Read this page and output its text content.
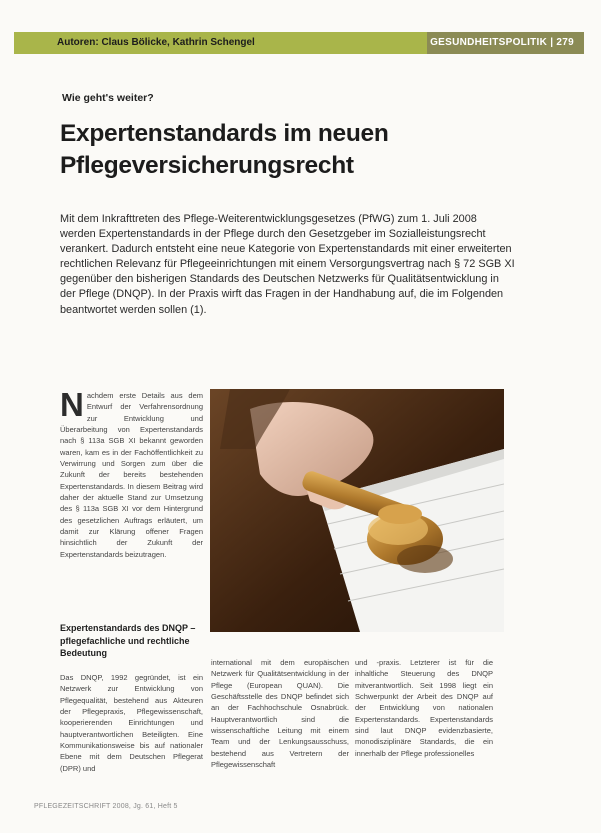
Autoren: Claus Bölicke, Kathrin Schengel	GESUNDHEITSPOLITIK | 279
Wie geht's weiter?
Expertenstandards im neuen Pflegeversicherungsrecht

Mit dem Inkrafttreten des Pflege-Weiterentwicklungsgesetzes (PfWG) zum 1. Juli 2008 werden Expertenstandards in der Pflege durch den Gesetzgeber im Sozialleistungsrecht verankert. Dadurch entsteht eine neue Kategorie von Expertenstandards mit einer erweiterten rechtlichen Relevanz für Pflegeeinrichtungen mit einem Versorgungsvertrag nach § 72 SGB XI gegenüber den bisherigen Standards des Deutschen Netzwerks für Qualitätsentwicklung in der Pflege (DNQP). In der Praxis wirft das Fragen in der Handhabung auf, die im Folgenden beantwortet werden sollen (1).

Nachdem erste Details aus dem Entwurf der Verfahrensordnung zur Entwicklung und Überarbeitung von Expertenstandards nach § 113a SGB XI bekannt geworden waren, kam es in der Fachöffentlichkeit zu Verwirrung und Sorgen zum über die Zukunft der bereits bestehenden Expertenstandards. In diesem Beitrag wird daher der aktuelle Stand zur Umsetzung des § 113a SGB XI vor dem Hintergrund des gesetzlichen Auftrags erläutert, um damit zur Klärung offener Fragen hinsichtlich der Zukunft der Expertenstandards beizutragen.

Expertenstandards des DNQP – pflegefachliche und rechtliche Bedeutung

Das DNQP, 1992 gegründet, ist ein Netzwerk zur Entwicklung von Pflegequalität, bestehend aus Akteuren der Pflegepraxis, Pflegewissenschaft, kooperierenden Einrichtungen und hauptverantwortlichen Beteiligten. Eine Kommunikationsweise bis auf nationaler Ebene mit dem Deutschen Pflegerat (DPR) und

international mit dem europäischen Netzwerk für Qualitätsentwicklung in der Pflege (European QUAN). Die Geschäftsstelle des DNQP befindet sich an der Fachhochschule Osnabrück. Hauptverantwortlich sind die wissenschaftliche Leitung mit einem Team und der Lenkungsausschuss, bestehend aus Vertretern der Pflegewissenschaft

und -praxis. Letzterer ist für die inhaltliche Steuerung des DNQP mitverantwortlich. Seit 1998 liegt ein Schwerpunkt der Arbeit des DNQP auf der Entwicklung von nationalen Expertenstandards. Expertenstandards sind laut DNQP evidenzbasierte, monodisziplinäre Standards, die ein innerhalb der Pflege professionelles

PFLEGEZEITSCHRIFT 2008, Jg. 61, Heft 5
